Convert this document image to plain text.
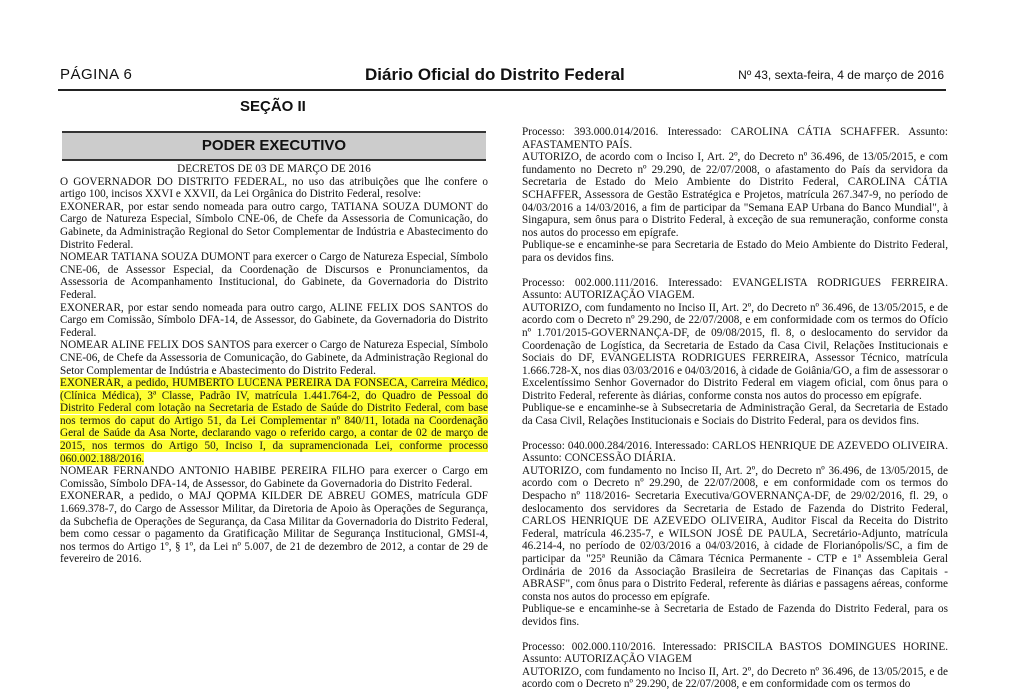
PÁGINA 6	Diário Oficial do Distrito Federal	Nº 43, sexta-feira, 4 de março de 2016
SEÇÃO II
PODER EXECUTIVO

DECRETOS DE 03 DE MARÇO DE 2016

O GOVERNADOR DO DISTRITO FEDERAL, no uso das atribuições que lhe confere o artigo 100, incisos XXVI e XXVII, da Lei Orgânica do Distrito Federal, resolve:

EXONERAR, por estar sendo nomeada para outro cargo, TATIANA SOUZA DUMONT do Cargo de Natureza Especial, Símbolo CNE-06, de Chefe da Assessoria de Comunicação, do Gabinete, da Administração Regional do Setor Complementar de Indústria e Abastecimento do Distrito Federal.

NOMEAR TATIANA SOUZA DUMONT para exercer o Cargo de Natureza Especial, Símbolo CNE-06, de Assessor Especial, da Coordenação de Discursos e Pronunciamentos, da Assessoria de Acompanhamento Institucional, do Gabinete, da Governadoria do Distrito Federal.

EXONERAR, por estar sendo nomeada para outro cargo, ALINE FELIX DOS SANTOS do Cargo em Comissão, Símbolo DFA-14, de Assessor, do Gabinete, da Governadoria do Distrito Federal.

NOMEAR ALINE FELIX DOS SANTOS para exercer o Cargo de Natureza Especial, Símbolo CNE-06, de Chefe da Assessoria de Comunicação, do Gabinete, da Administração Regional do Setor Complementar de Indústria e Abastecimento do Distrito Federal.

EXONERAR, a pedido, HUMBERTO LUCENA PEREIRA DA FONSECA, Carreira Médico, (Clínica Médica), 3ª Classe, Padrão IV, matrícula 1.441.764-2, do Quadro de Pessoal do Distrito Federal com lotação na Secretaria de Estado de Saúde do Distrito Federal, com base nos termos do caput do Artigo 51, da Lei Complementar nº 840/11, lotada na Coordenação Geral de Saúde da Asa Norte, declarando vago o referido cargo, a contar de 02 de março de 2015, nos termos do Artigo 50, Inciso I, da supramencionada Lei, conforme processo 060.002.188/2016.

NOMEAR FERNANDO ANTONIO HABIBE PEREIRA FILHO para exercer o Cargo em Comissão, Símbolo DFA-14, de Assessor, do Gabinete da Governadoria do Distrito Federal.

EXONERAR, a pedido, o MAJ QOPMA KILDER DE ABREU GOMES, matrícula GDF 1.669.378-7, do Cargo de Assessor Militar, da Diretoria de Apoio às Operações de Segurança, da Subchefia de Operações de Segurança, da Casa Militar da Governadoria do Distrito Federal, bem como cessar o pagamento da Gratificação Militar de Segurança Institucional, GMSI-4, nos termos do Artigo 1º, § 1º, da Lei nº 5.007, de 21 de dezembro de 2012, a contar de 29 de fevereiro de 2016.

Processo: 393.000.014/2016. Interessado: CAROLINA CÁTIA SCHAFFER. Assunto: AFASTAMENTO PAÍS.

AUTORIZO, de acordo com o Inciso I, Art. 2º, do Decreto nº 36.496, de 13/05/2015, e com fundamento no Decreto nº 29.290, de 22/07/2008, o afastamento do País da servidora da Secretaria de Estado do Meio Ambiente do Distrito Federal, CAROLINA CÁTIA SCHAFFER, Assessora de Gestão Estratégica e Projetos, matrícula 267.347-9, no período de 04/03/2016 a 14/03/2016, a fim de participar da "Semana EAP Urbana do Banco Mundial", à Singapura, sem ônus para o Distrito Federal, à exceção de sua remuneração, conforme consta nos autos do processo em epígrafe.

Publique-se e encaminhe-se para Secretaria de Estado do Meio Ambiente do Distrito Federal, para os devidos fins.

Processo: 002.000.111/2016. Interessado: EVANGELISTA RODRIGUES FERREIRA. Assunto: AUTORIZAÇÃO VIAGEM.

AUTORIZO, com fundamento no Inciso II, Art. 2º, do Decreto nº 36.496, de 13/05/2015, e de acordo com o Decreto nº 29.290, de 22/07/2008, e em conformidade com os termos do Ofício nº 1.701/2015-GOVERNANÇA-DF, de 09/08/2015, fl. 8, o deslocamento do servidor da Coordenação de Logística, da Secretaria de Estado da Casa Civil, Relações Institucionais e Sociais do DF, EVANGELISTA RODRIGUES FERREIRA, Assessor Técnico, matrícula 1.666.728-X, nos dias 03/03/2016 e 04/03/2016, à cidade de Goiânia/GO, a fim de assessorar o Excelentíssimo Senhor Governador do Distrito Federal em viagem oficial, com ônus para o Distrito Federal, referente às diárias, conforme consta nos autos do processo em epígrafe.

Publique-se e encaminhe-se à Subsecretaria de Administração Geral, da Secretaria de Estado da Casa Civil, Relações Institucionais e Sociais do Distrito Federal, para os devidos fins.

Processo: 040.000.284/2016. Interessado: CARLOS HENRIQUE DE AZEVEDO OLIVEIRA. Assunto: CONCESSÃO DIÁRIA.

AUTORIZO, com fundamento no Inciso II, Art. 2º, do Decreto nº 36.496, de 13/05/2015, de acordo com o Decreto nº 29.290, de 22/07/2008, e em conformidade com os termos do Despacho nº 118/2016- Secretaria Executiva/GOVERNANÇA-DF, de 29/02/2016, fl. 29, o deslocamento dos servidores da Secretaria de Estado de Fazenda do Distrito Federal, CARLOS HENRIQUE DE AZEVEDO OLIVEIRA, Auditor Fiscal da Receita do Distrito Federal, matrícula 46.235-7, e WILSON JOSÉ DE PAULA, Secretário-Adjunto, matrícula 46.214-4, no período de 02/03/2016 a 04/03/2016, à cidade de Florianópolis/SC, a fim de participar da "25ª Reunião da Câmara Técnica Permanente - CTP e 1ª Assembleia Geral Ordinária de 2016 da Associação Brasileira de Secretarias de Finanças das Capitais - ABRASF", com ônus para o Distrito Federal, referente às diárias e passagens aéreas, conforme consta nos autos do processo em epígrafe.

Publique-se e encaminhe-se à Secretaria de Estado de Fazenda do Distrito Federal, para os devidos fins.

Processo: 002.000.110/2016. Interessado: PRISCILA BASTOS DOMINGUES HORINE. Assunto: AUTORIZAÇÃO VIAGEM

AUTORIZO, com fundamento no Inciso II, Art. 2º, do Decreto nº 36.496, de 13/05/2015, e de acordo com o Decreto nº 29.290, de 22/07/2008, e em conformidade com os termos do
